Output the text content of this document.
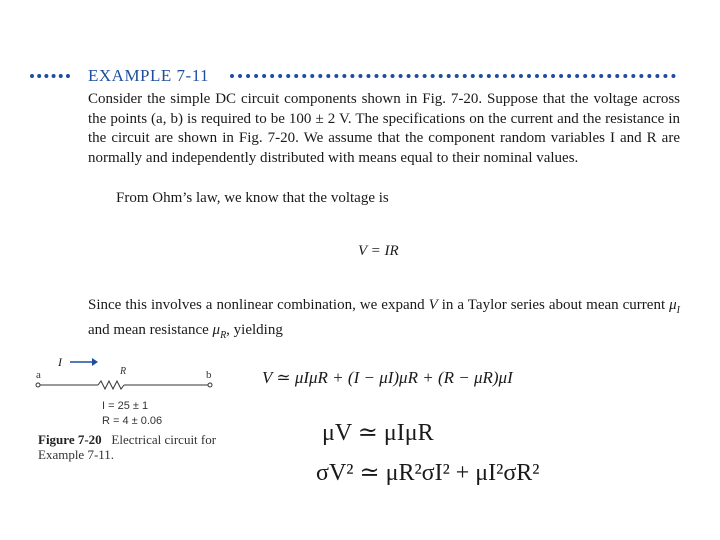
EXAMPLE 7-11
Consider the simple DC circuit components shown in Fig. 7-20. Suppose that the voltage across the points (a, b) is required to be 100 ± 2 V. The specifications on the current and the resistance in the circuit are shown in Fig. 7-20. We assume that the component random variables I and R are normally and independently distributed with means equal to their nominal values.
From Ohm’s law, we know that the voltage is
V = IR
Since this involves a nonlinear combination, we expand V in a Taylor series about mean current $\mu_I$ and mean resistance $\mu_R$, yielding
I
a	b
R
I = 25 ± 1
R = 4 ± 0.06
Figure 7-20 Electrical circuit for
Example 7-11.
V ≃ μIμR + (I − μI)μR + (R − μR)μI
μV ≃ μIμR
σV² ≃ μR²σI² + μI²σR²
